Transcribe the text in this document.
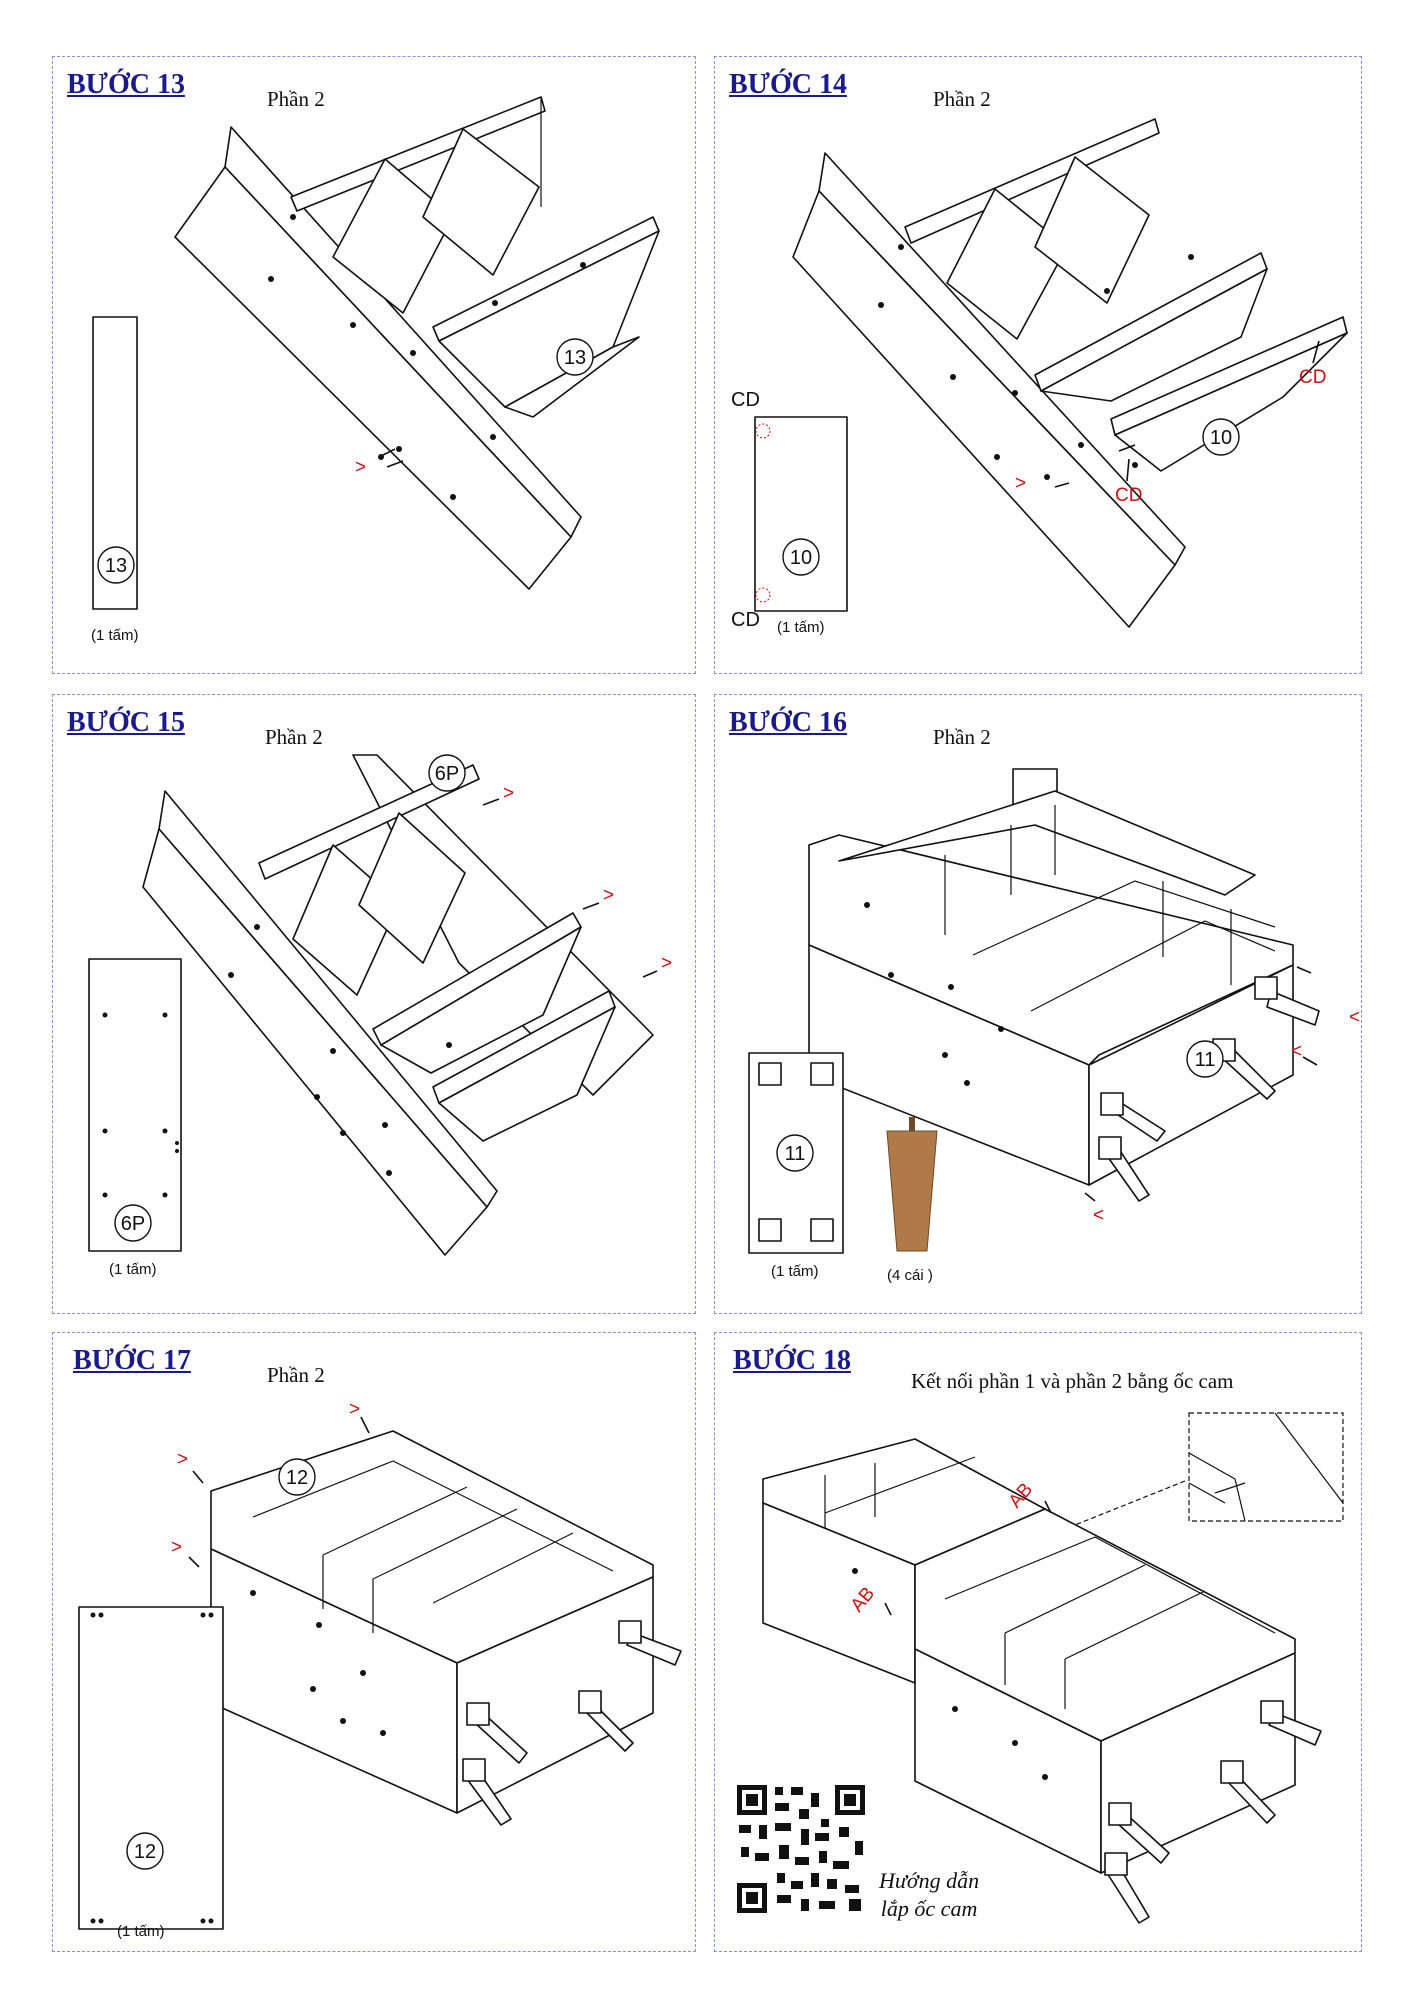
BƯỚC 13	Phần 2
13
>
13
(1 tấm)
BƯỚC 14	Phần 2
10
CD
CD
>
10
CD
CD (1 tấm)
BƯỚC 15	Phần 2
6P
>
>
>
6P
(1 tấm)
BƯỚC 16	Phần 2
11
<
<
<
11
(1 tấm)	(4 cái )
BƯỚC 17	Phần 2
12
>
>
>
12
(1 tấm)
BƯỚC 18
Kết nối phần 1 và phần 2 bằng ốc cam
AB
AB
Hướng dẫn
lắp ốc cam
